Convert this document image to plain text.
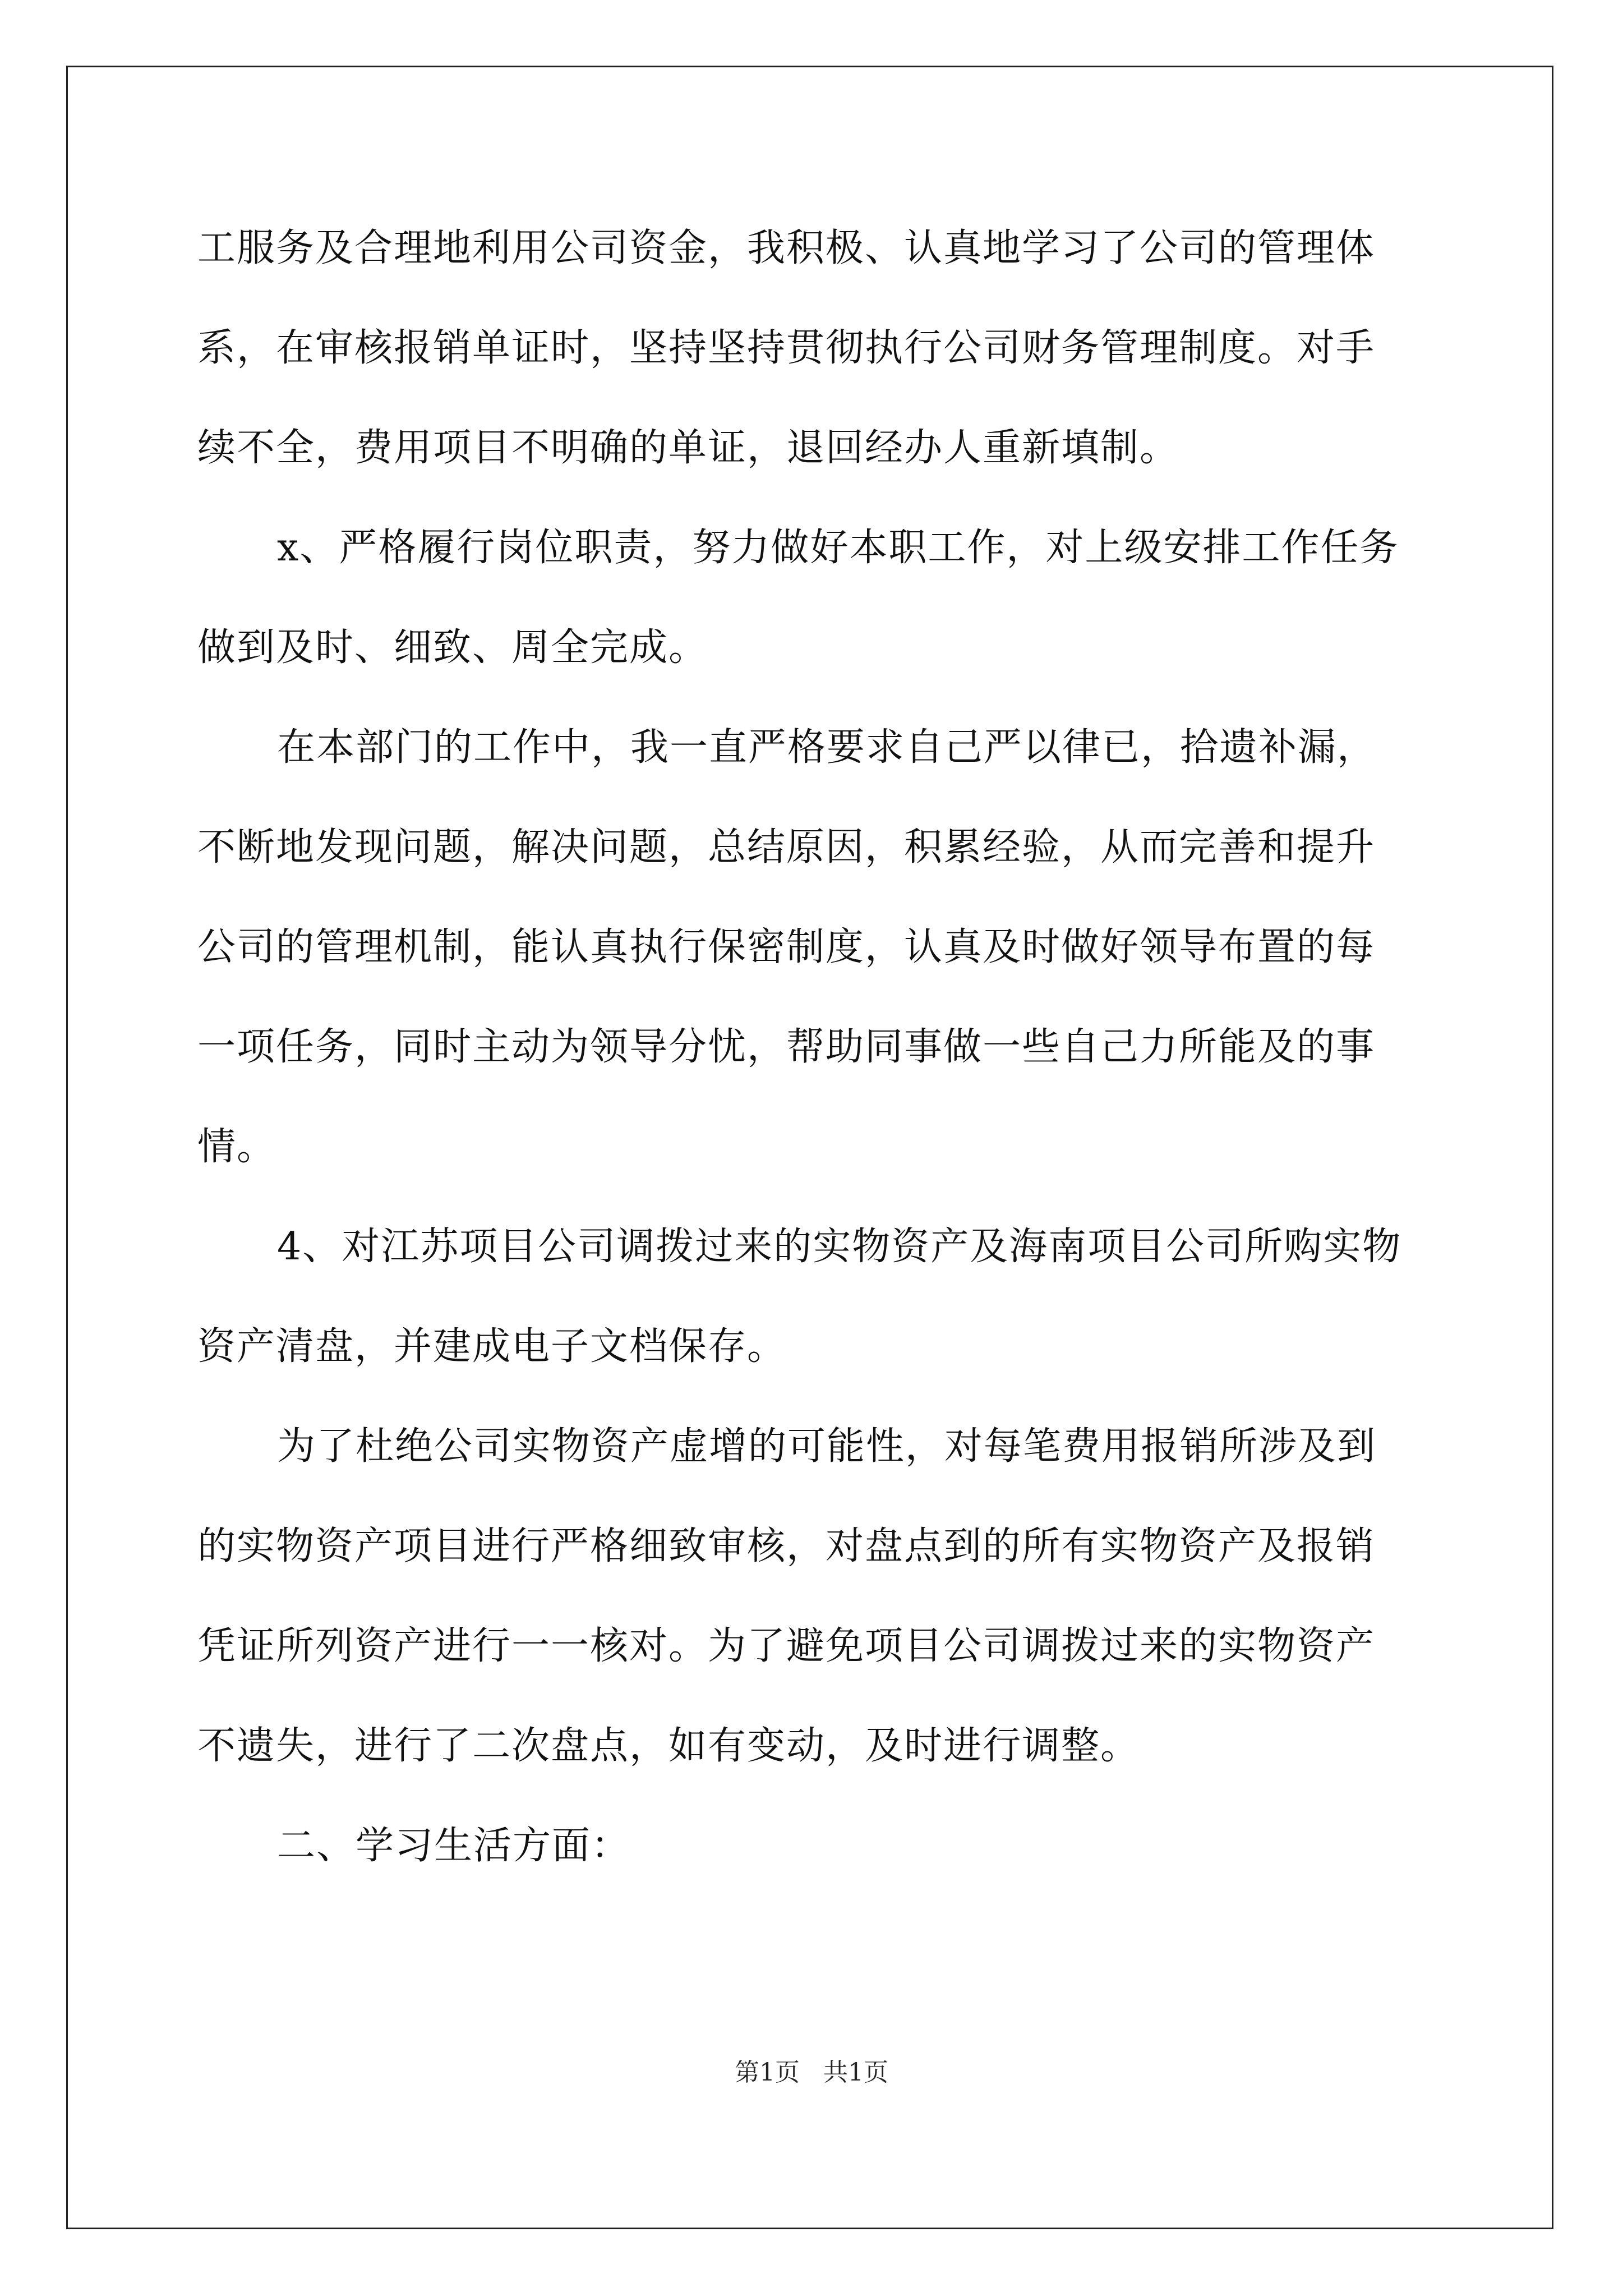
工服务及合理地利用公司资金，我积极、认真地学习了公司的管理体
系，在审核报销单证时，坚持坚持贯彻执行公司财务管理制度。对手
续不全，费用项目不明确的单证，退回经办人重新填制。
x、严格履行岗位职责，努力做好本职工作，对上级安排工作任务
做到及时、细致、周全完成。
在本部门的工作中，我一直严格要求自己严以律已，拾遗补漏，
不断地发现问题，解决问题，总结原因，积累经验，从而完善和提升
公司的管理机制，能认真执行保密制度，认真及时做好领导布置的每
一项任务，同时主动为领导分忧，帮助同事做一些自己力所能及的事
情。
4、对江苏项目公司调拨过来的实物资产及海南项目公司所购实物
资产清盘，并建成电子文档保存。
为了杜绝公司实物资产虚增的可能性，对每笔费用报销所涉及到
的实物资产项目进行严格细致审核，对盘点到的所有实物资产及报销
凭证所列资产进行一一核对。为了避免项目公司调拨过来的实物资产
不遗失，进行了二次盘点，如有变动，及时进行调整。
二、学习生活方面：
第1页   共1页
